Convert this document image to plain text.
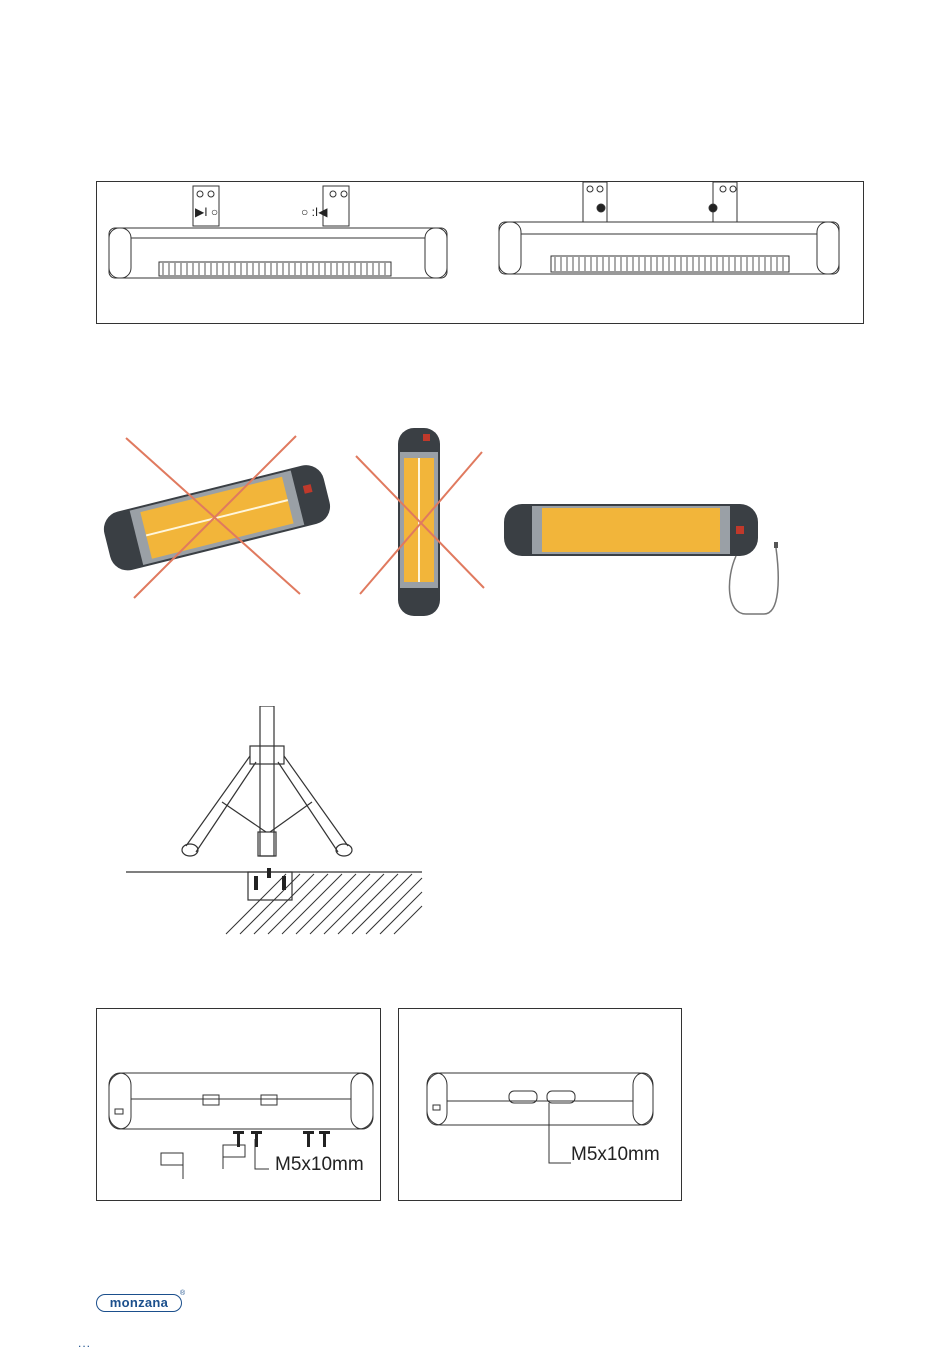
▶I ○	○ :I◀
M5x10mm	M5x10mm
monzana
®
...
